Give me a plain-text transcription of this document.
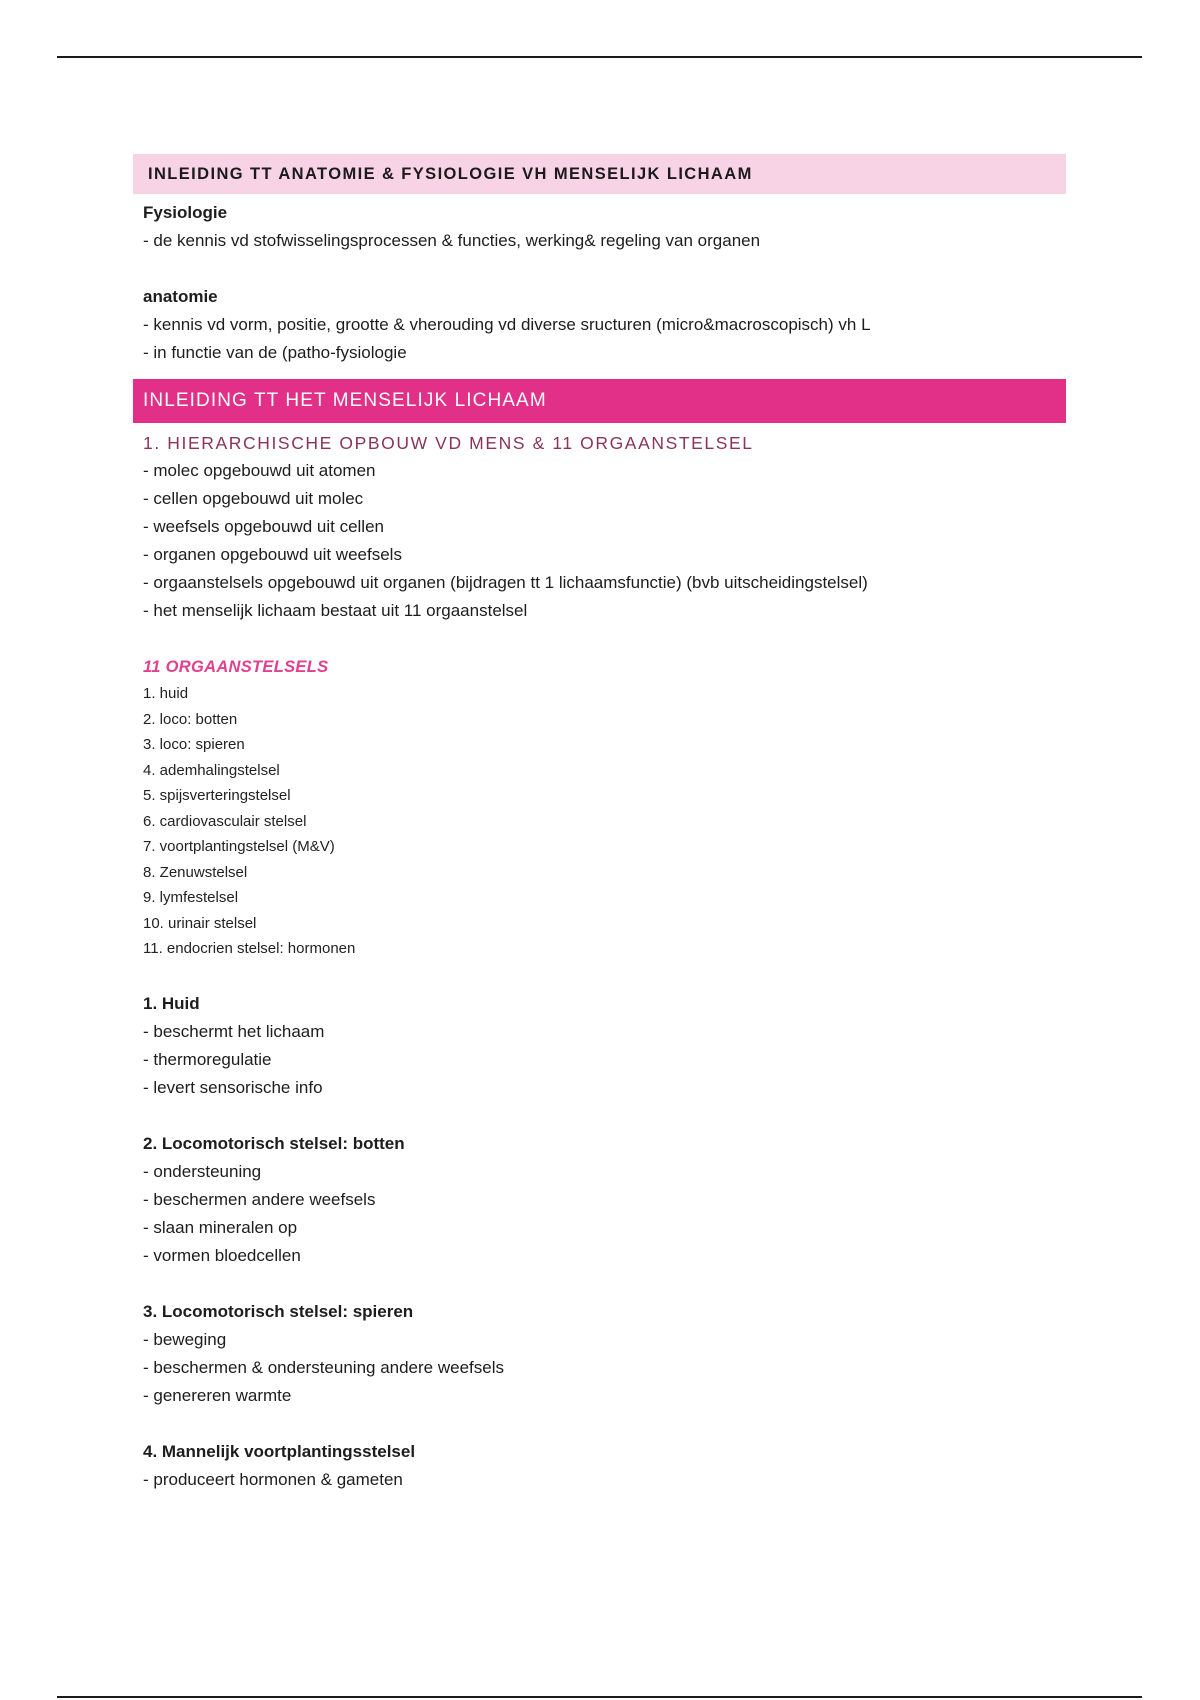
INLEIDING TT ANATOMIE & FYSIOLOGIE VH MENSELIJK LICHAAM
Fysiologie
- de kennis vd stofwisselingsprocessen & functies, werking& regeling van organen
anatomie
- kennis vd vorm, positie, grootte & vherouding vd diverse sructuren (micro&macroscopisch) vh L
- in functie van de (patho-fysiologie
INLEIDING TT HET MENSELIJK LICHAAM
1. HIERARCHISCHE OPBOUW VD MENS & 11 ORGAANSTELSEL
- molec opgebouwd uit atomen
- cellen opgebouwd uit molec
- weefsels opgebouwd uit cellen
- organen opgebouwd uit weefsels
- orgaanstelsels opgebouwd uit organen (bijdragen tt 1 lichaamsfunctie) (bvb uitscheidingstelsel)
- het menselijk lichaam bestaat uit 11 orgaanstelsel
11 ORGAANSTELSELS
1. huid
2. loco: botten
3. loco: spieren
4. ademhalingstelsel
5. spijsverteringstelsel
6. cardiovasculair stelsel
7. voortplantingstelsel (M&V)
8. Zenuwstelsel
9. lymfestelsel
10. urinair stelsel
11. endocrien stelsel: hormonen
1. Huid
- beschermt het lichaam
- thermoregulatie
- levert sensorische info
2. Locomotorisch stelsel: botten
- ondersteuning
- beschermen andere weefsels
- slaan mineralen op
- vormen bloedcellen
3. Locomotorisch stelsel: spieren
- beweging
- beschermen & ondersteuning andere weefsels
- genereren warmte
4. Mannelijk voortplantingsstelsel
- produceert hormonen & gameten
